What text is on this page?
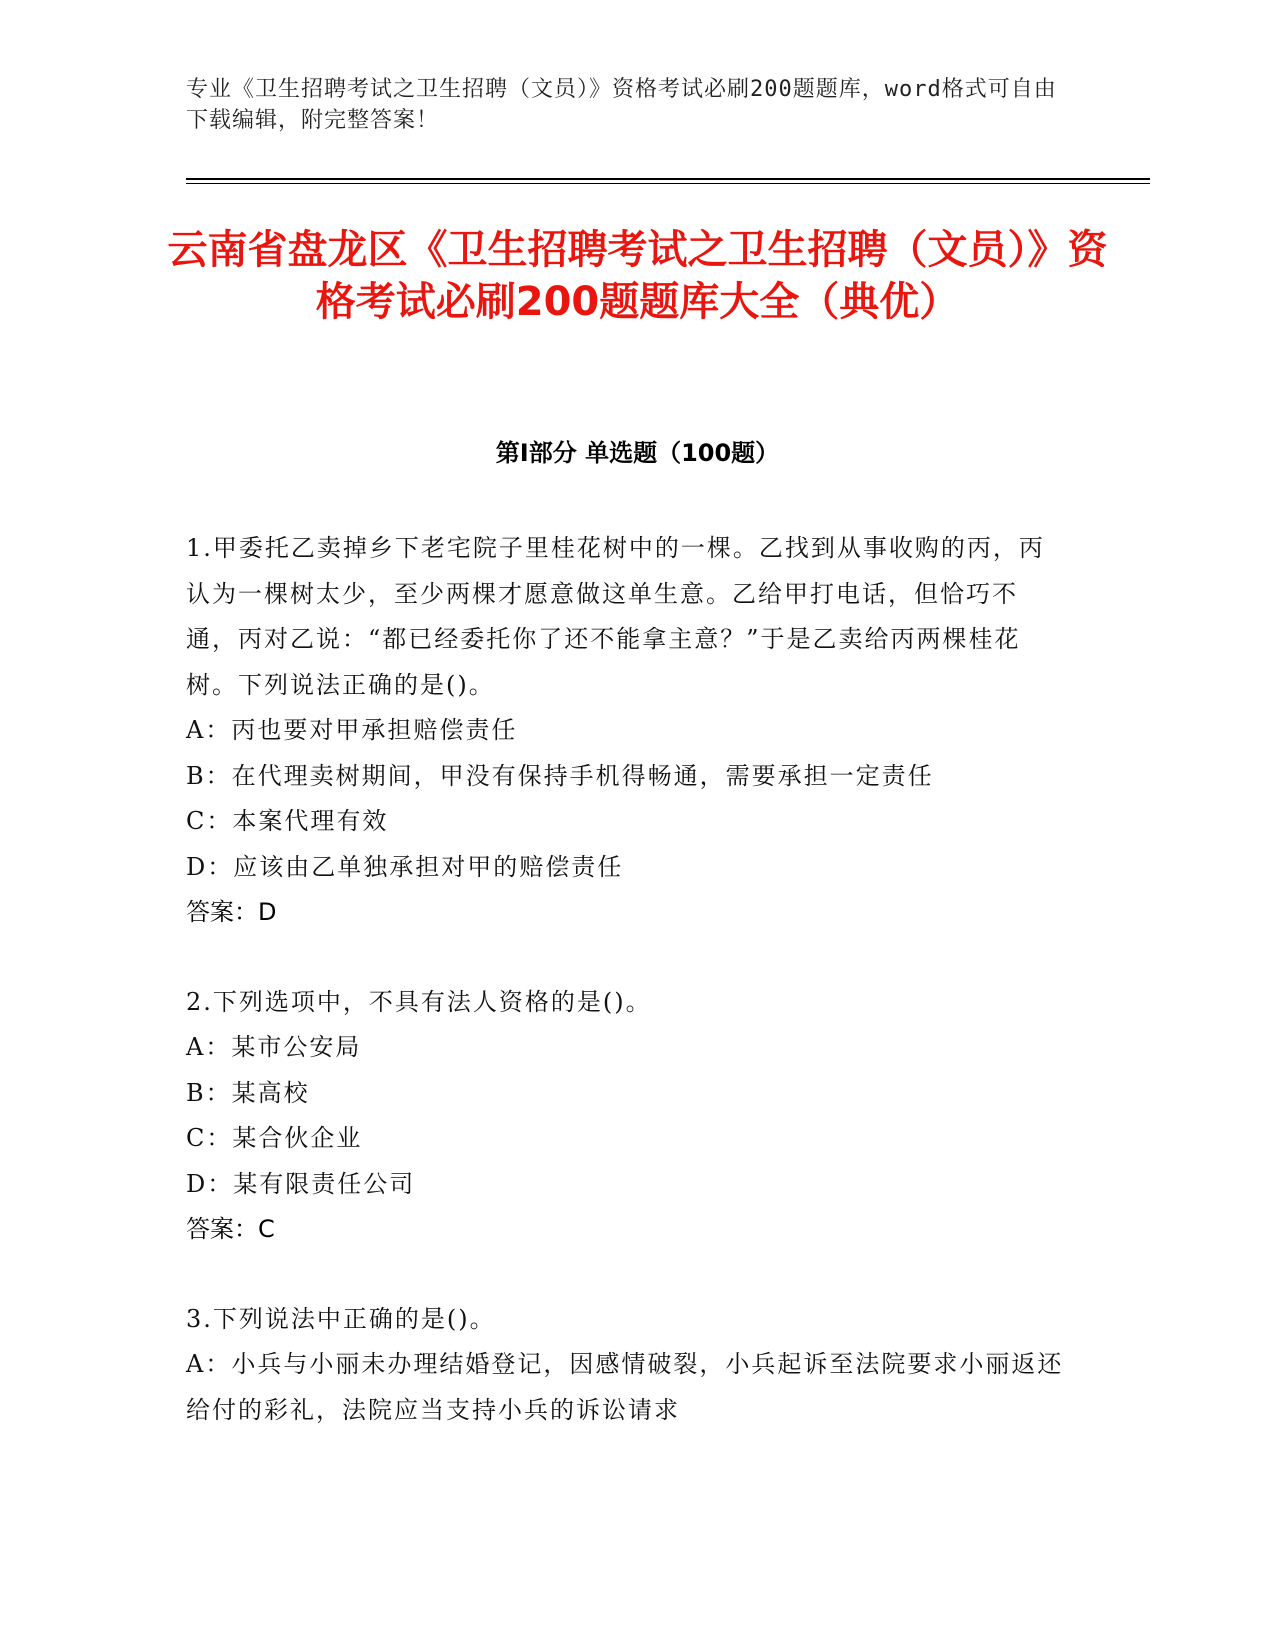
专业《卫生招聘考试之卫生招聘（文员）》资格考试必刷200题题库，word格式可自由下载编辑，附完整答案！
云南省盘龙区《卫生招聘考试之卫生招聘（文员）》资格考试必刷200题题库大全（典优）
第I部分 单选题（100题）

1.甲委托乙卖掉乡下老宅院子里桂花树中的一棵。乙找到从事收购的丙，丙认为一棵树太少，至少两棵才愿意做这单生意。乙给甲打电话，但恰巧不通，丙对乙说：“都已经委托你了还不能拿主意？”于是乙卖给丙两棵桂花树。下列说法正确的是()。

A：丙也要对甲承担赔偿责任

B：在代理卖树期间，甲没有保持手机得畅通，需要承担一定责任

C：本案代理有效

D：应该由乙单独承担对甲的赔偿责任

答案：D

2.下列选项中，不具有法人资格的是()。

A：某市公安局

B：某高校

C：某合伙企业

D：某有限责任公司

答案：C

3.下列说法中正确的是()。

A：小兵与小丽未办理结婚登记，因感情破裂，小兵起诉至法院要求小丽返还给付的彩礼，法院应当支持小兵的诉讼请求
